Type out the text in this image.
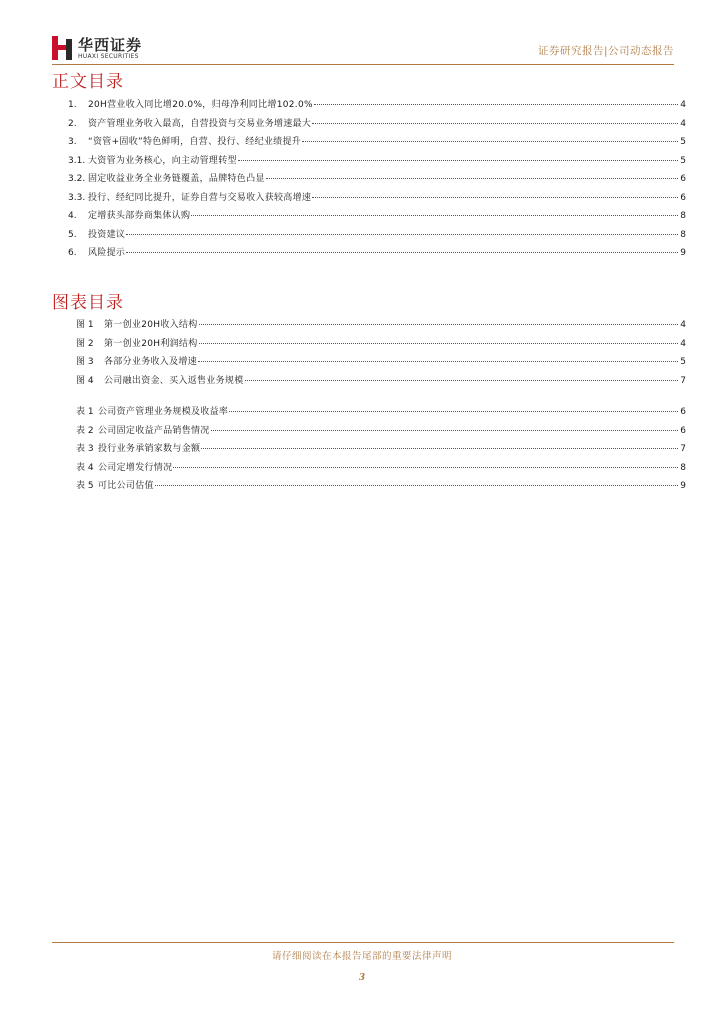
华西证券
HUAXI SECURITIES	证券研究报告|公司动态报告
正文目录
1.	20H营业收入同比增20.0%，归母净利同比增102.0%	4
2.	资产管理业务收入最高，自营投资与交易业务增速最大	4
3.	“资管+固收”特色鲜明，自营、投行、经纪业绩提升	5
3.1. 大资管为业务核心，向主动管理转型	5
3.2. 固定收益业务全业务链覆盖，品牌特色凸显	6
3.3. 投行、经纪同比提升，证券自营与交易收入获较高增速	6
4.	定增获头部券商集体认购	8
5.	投资建议	8
6.	风险提示	9
图表目录
图 1	第一创业20H收入结构	4
图 2	第一创业20H利润结构	4
图 3	各部分业务收入及增速	5
图 4	公司融出资金、买入返售业务规模	7
表 1 公司资产管理业务规模及收益率	6
表 2 公司固定收益产品销售情况	6
表 3 投行业务承销家数与金额	7
表 4 公司定增发行情况	8
表 5 可比公司估值	9
请仔细阅读在本报告尾部的重要法律声明
3
